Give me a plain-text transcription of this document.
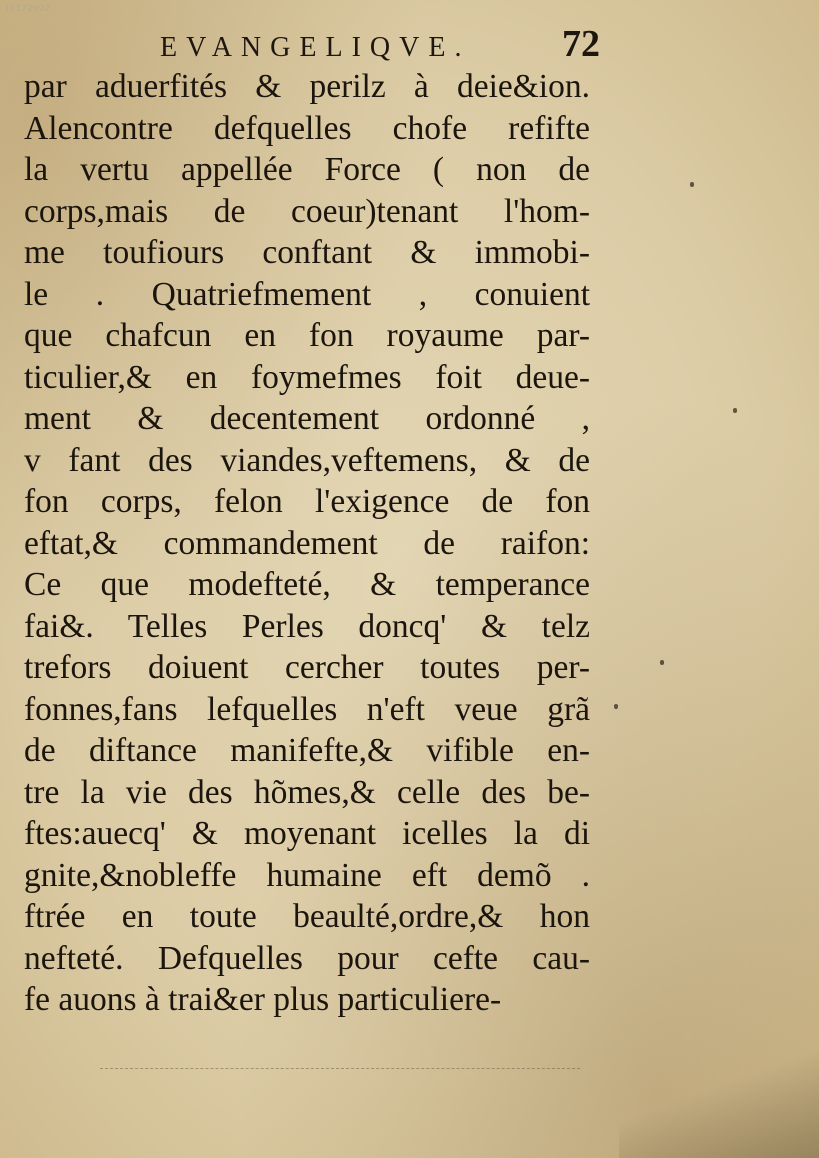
10172992
EVANGELIQVE. 72
par aduerfités & perilz à deie&ion.
Alencontre defquelles chofe refifte
la vertu appellée Force ( non de
corps,mais de coeur)tenant l'hom-
me toufiours conftant & immobi-
le . Quatriefmement , conuient
que chafcun en fon royaume par-
ticulier,& en foymefmes foit deue-
ment & decentement ordonné ,
v fant des viandes,veftemens, & de
fon corps, felon l'exigence de fon
eftat,& commandement de raifon:
Ce que modefteté, & temperance
fai&. Telles Perles doncq' & telz
trefors doiuent cercher toutes per-
fonnes,fans lefquelles n'eft veue grã
de diftance manifefte,& vifible en-
tre la vie des hõmes,& celle des be-
ftes:auecq' & moyenant icelles la di
gnite,&nobleffe humaine eft demõ .
ftrée en toute beaulté,ordre,& hon
nefteté. Defquelles pour cefte cau-
fe auons à trai&er plus particuliere-
